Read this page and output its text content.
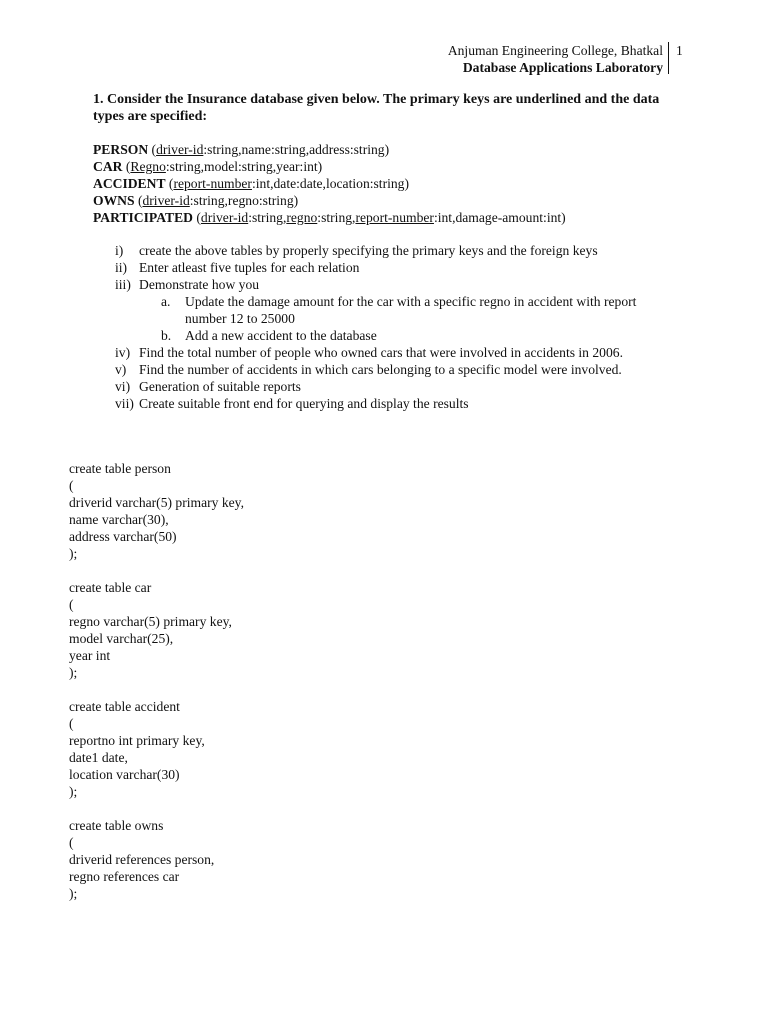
Anjuman Engineering College, Bhatkal
Database Applications Laboratory
1
1. Consider the Insurance database given below. The primary keys are underlined and the data types are specified:
PERSON (driver-id:string,name:string,address:string)
CAR (Regno:string,model:string,year:int)
ACCIDENT (report-number:int,date:date,location:string)
OWNS (driver-id:string,regno:string)
PARTICIPATED (driver-id:string,regno:string,report-number:int,damage-amount:int)
i)	create the above tables by properly specifying the primary keys and the foreign keys
ii) Enter atleast five tuples for each relation
iii) Demonstrate how you
a.	Update the damage amount for the car with a specific regno in accident with report number 12 to 25000
b.	Add a new accident to the database
iv) Find the total number of people who owned cars that were involved in accidents in 2006.
v) Find the number of accidents in which cars belonging to a specific model were involved.
vi) Generation of suitable reports
vii) Create suitable front end for querying and display the results
create table person
(
driverid varchar(5) primary key,
name varchar(30),
address varchar(50)
);
create table car
(
regno varchar(5) primary key,
model varchar(25),
year int
);
create table accident
(
reportno int primary key,
date1 date,
location varchar(30)
);
create table owns
(
driverid references person,
regno references car
);
